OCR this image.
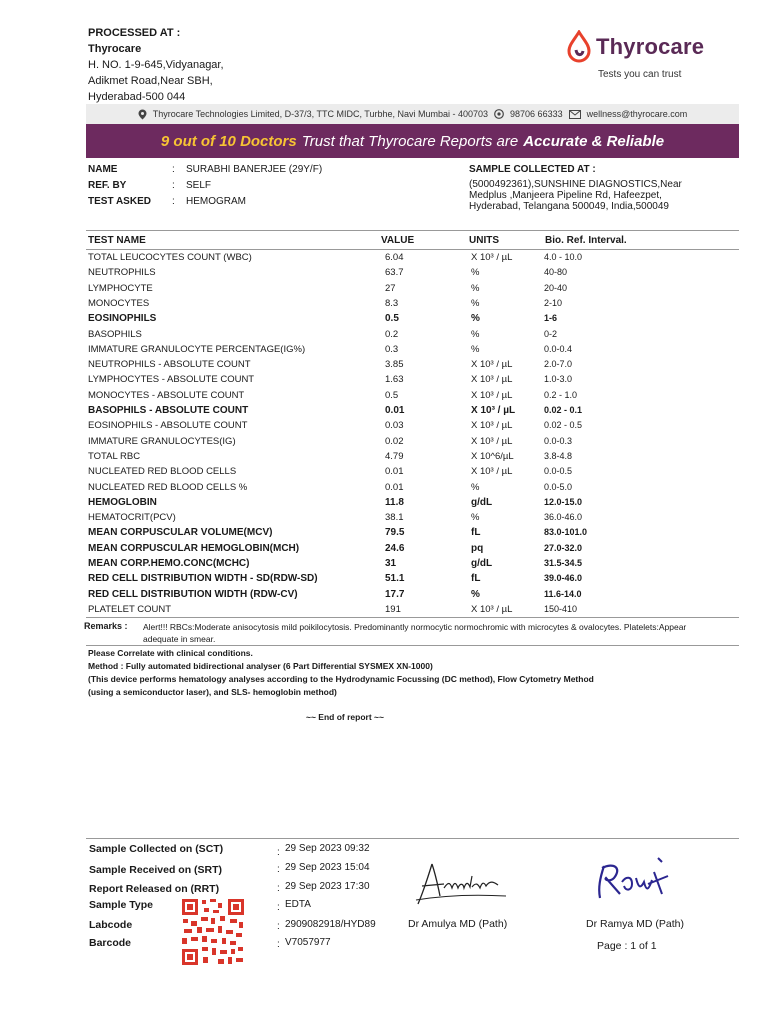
PROCESSED AT :
Thyrocare
H. NO. 1-9-645,Vidyanagar,
Adikmet Road,Near SBH,
Hyderabad-500 044
Thyrocare
Tests you can trust
Thyrocare Technologies Limited, D-37/3, TTC MIDC, Turbhe, Navi Mumbai - 400703 98706 66333	wellness@thyrocare.com
9 out of 10 Doctors Trust that Thyrocare Reports are Accurate & Reliable
NAME	: SURABHI BANERJEE (29Y/F)
REF. BY	: SELF
TEST ASKED : HEMOGRAM
SAMPLE COLLECTED AT :
(5000492361),SUNSHINE DIAGNOSTICS,Near
Medplus ,Manjeera Pipeline Rd, Hafeezpet,
Hyderabad, Telangana 500049, India,500049
TEST NAME	VALUE	UNITS	Bio. Ref. Interval.
TOTAL LEUCOCYTES COUNT (WBC)	6.04	X 10³ / µL	4.0 - 10.0
NEUTROPHILS	63.7	%	40-80
LYMPHOCYTE	27	%	20-40
MONOCYTES	8.3	%	2-10
EOSINOPHILS	0.5	%	1-6
BASOPHILS	0.2	%	0-2
IMMATURE GRANULOCYTE PERCENTAGE(IG%)	0.3	%	0.0-0.4
NEUTROPHILS - ABSOLUTE COUNT	3.85	X 10³ / µL	2.0-7.0
LYMPHOCYTES - ABSOLUTE COUNT	1.63	X 10³ / µL	1.0-3.0
MONOCYTES - ABSOLUTE COUNT	0.5	X 10³ / µL	0.2 - 1.0
BASOPHILS - ABSOLUTE COUNT	0.01	X 10³ / µL	0.02 - 0.1
EOSINOPHILS - ABSOLUTE COUNT	0.03	X 10³ / µL	0.02 - 0.5
IMMATURE GRANULOCYTES(IG)	0.02	X 10³ / µL	0.0-0.3
TOTAL RBC	4.79	X 10^6/µL	3.8-4.8
NUCLEATED RED BLOOD CELLS	0.01	X 10³ / µL	0.0-0.5
NUCLEATED RED BLOOD CELLS %	0.01	%	0.0-5.0
HEMOGLOBIN	11.8	g/dL	12.0-15.0
HEMATOCRIT(PCV)	38.1	%	36.0-46.0
MEAN CORPUSCULAR VOLUME(MCV)	79.5	fL	83.0-101.0
MEAN CORPUSCULAR HEMOGLOBIN(MCH)	24.6	pq	27.0-32.0
MEAN CORP.HEMO.CONC(MCHC)	31	g/dL	31.5-34.5
RED CELL DISTRIBUTION WIDTH - SD(RDW-SD)	51.1	fL	39.0-46.0
RED CELL DISTRIBUTION WIDTH (RDW-CV)	17.7	%	11.6-14.0
PLATELET COUNT	191	X 10³ / µL	150-410
Remarks : Alert!!! RBCs:Moderate anisocytosis mild poikilocytosis. Predominantly normocytic normochromic with microcytes & ovalocytes. Platelets:Appear
adequate in smear.
Please Correlate with clinical conditions.
Method : Fully automated bidirectional analyser (6 Part Differential SYSMEX XN-1000)
(This device performs hematology analyses according to the Hydrodynamic Focussing (DC method), Flow Cytometry Method
(using a semiconductor laser), and SLS- hemoglobin method)
~~ End of report ~~
Sample Collected on (SCT)	: 29 Sep 2023 09:32
Sample Received on (SRT)	: 29 Sep 2023 15:04
Report Released on (RRT)	: 29 Sep 2023 17:30
Sample Type	: EDTA
Labcode	: 2909082918/HYD89
Barcode	: V7057977
Dr Amulya MD (Path)	Dr Ramya MD (Path)
Page : 1 of 1
